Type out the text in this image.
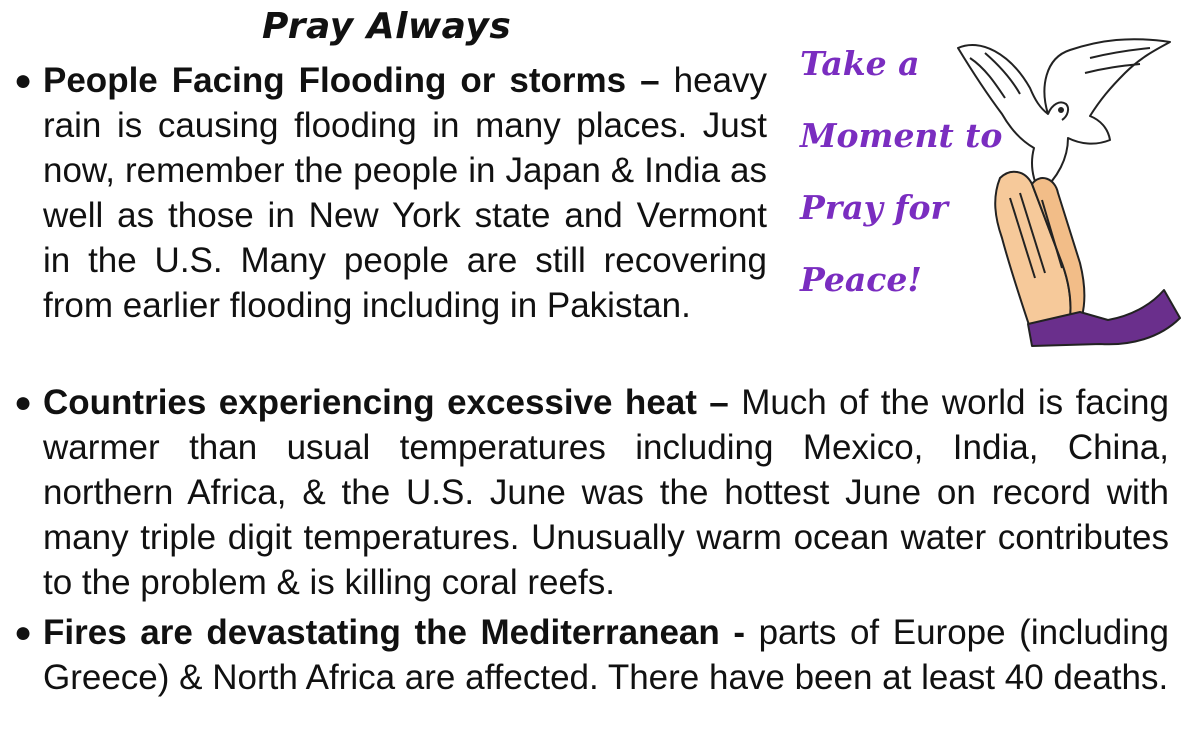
Pray Always
● People Facing Flooding or storms – heavy rain is causing flooding in many places. Just now, remember the people in Japan & India as well as those in New York state and Vermont in the U.S. Many people are still recovering from earlier flooding including in Pakistan.
● Countries experiencing excessive heat – Much of the world is facing warmer than usual temperatures including Mexico, India, China, northern Africa, & the U.S. June was the hottest June on record with many triple digit temperatures. Unusually warm ocean water contributes to the problem & is killing coral reefs.
● Fires are devastating the Mediterranean - parts of Europe (including Greece) & North Africa are affected. There have been at least 40 deaths.
Take a
Moment to
Pray for
Peace!
